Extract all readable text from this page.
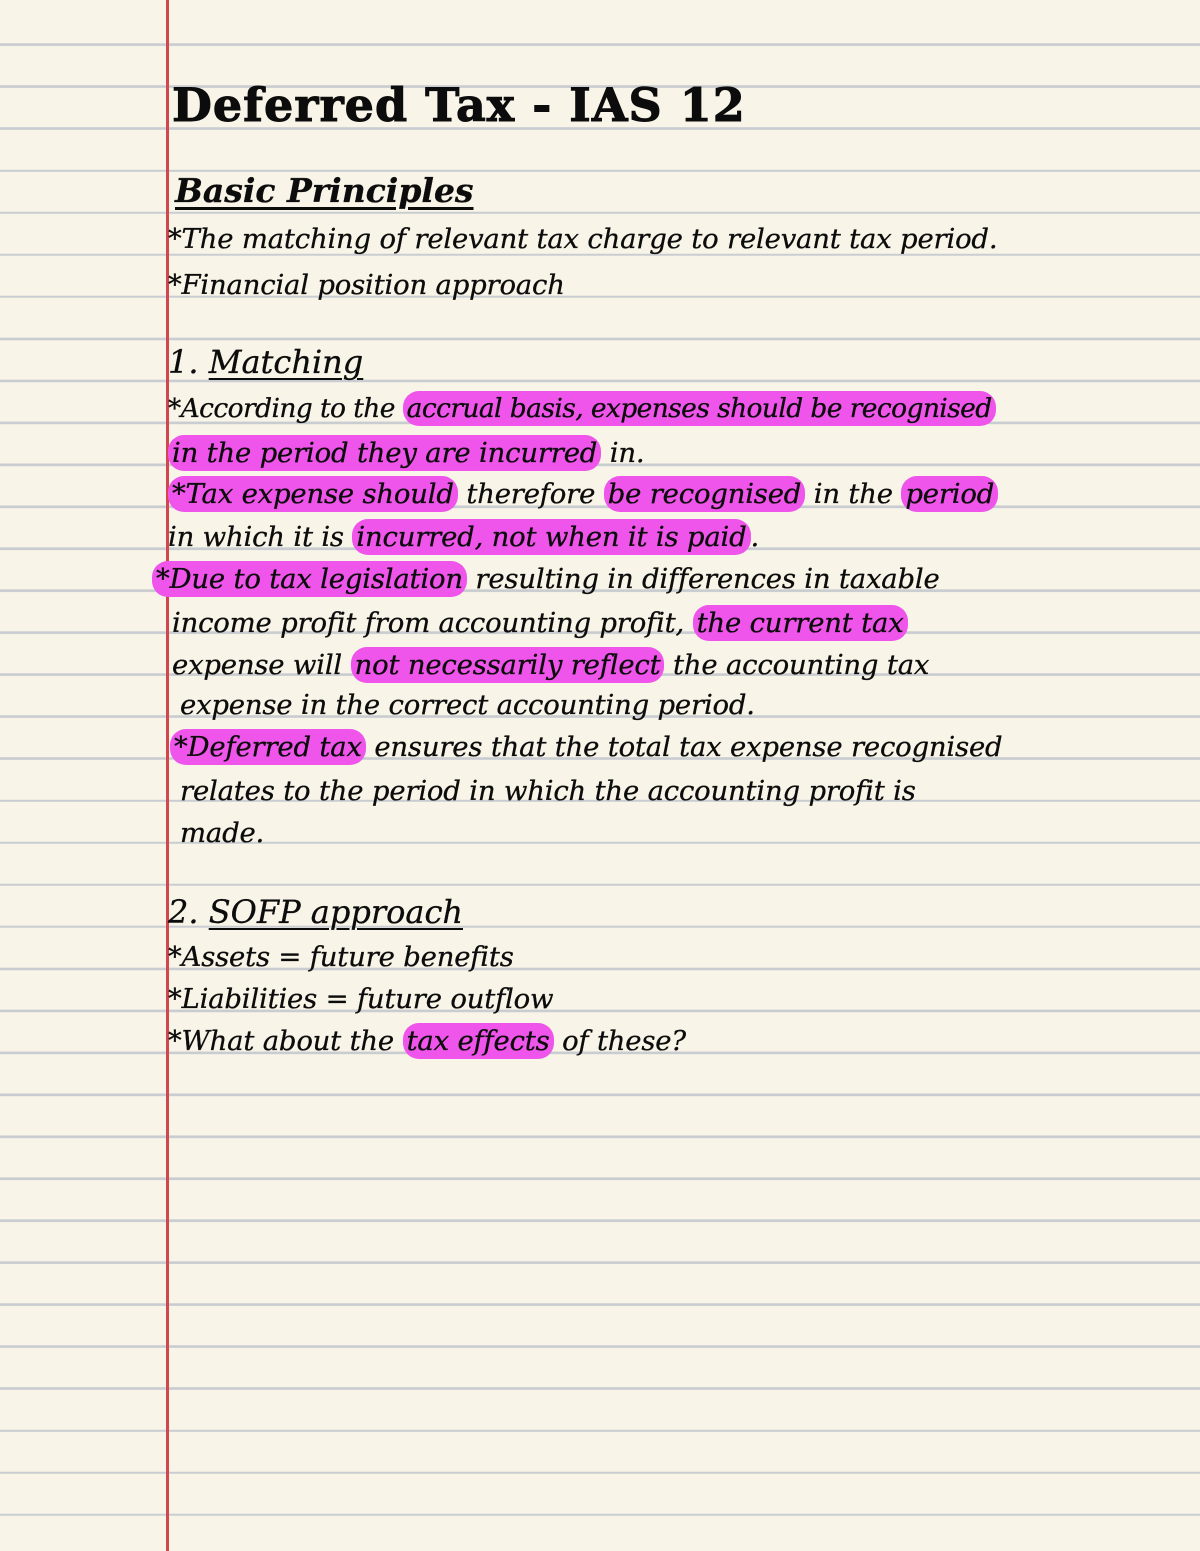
Deferred Tax - IAS 12

Basic Principles

*The matching of relevant tax charge to relevant tax period.

*Financial position approach

1. Matching

*According to the accrual basis, expenses should be recognised

in the period they are incurred in.

*Tax expense should therefore be recognised in the period

in which it is incurred, not when it is paid .

*Due to tax legislation resulting in differences in taxable

income profit from accounting profit, the current tax

expense will not necessarily reflect the accounting tax

expense in the correct accounting period.

*Deferred tax ensures that the total tax expense recognised

relates to the period in which the accounting profit is

made.

2. SOFP approach

*Assets = future benefits

*Liabilities = future outflow

*What about the tax effects of these?
